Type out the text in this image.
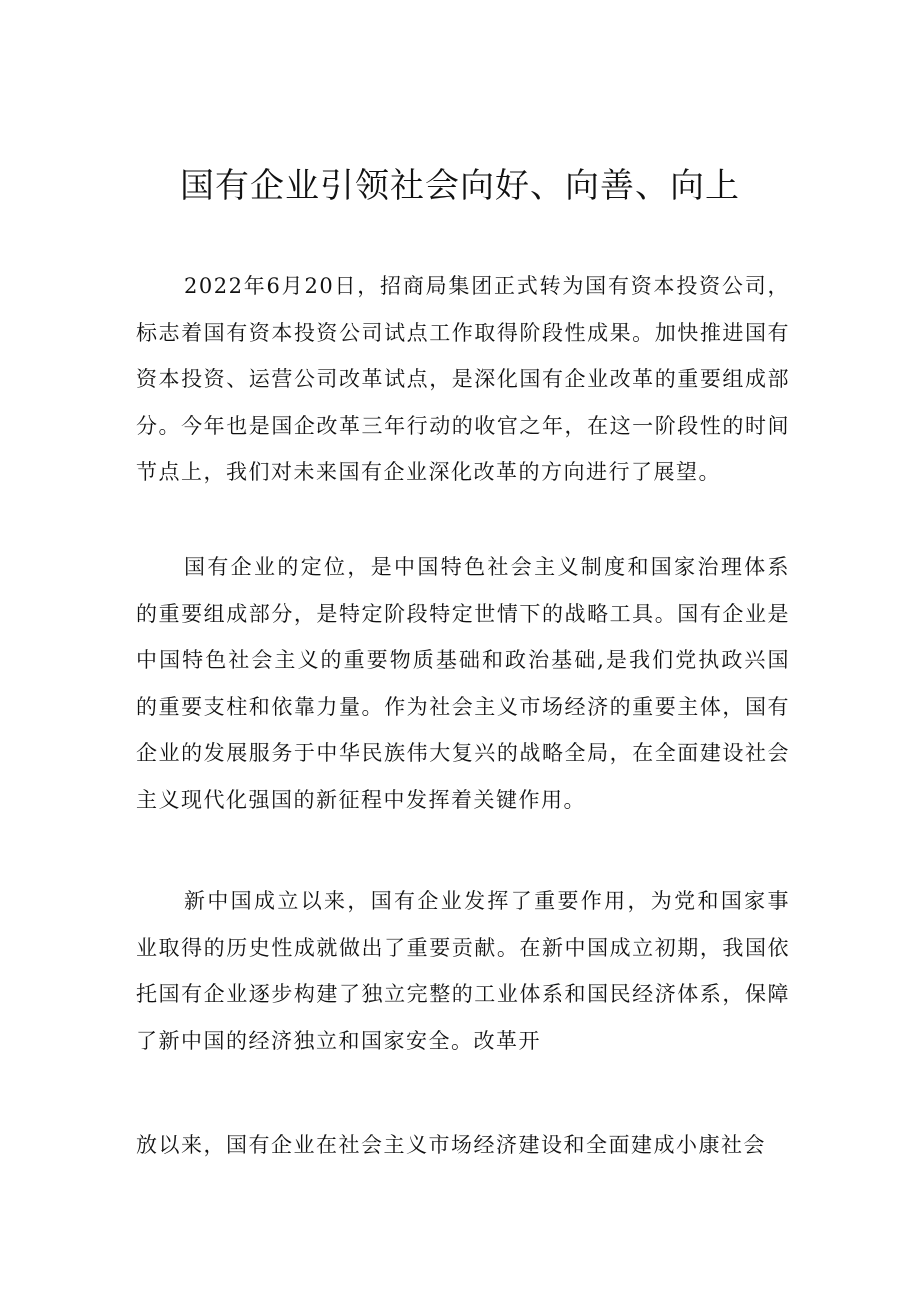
国有企业引领社会向好、向善、向上

2022年6月20日，招商局集团正式转为国有资本投资公司，标志着国有资本投资公司试点工作取得阶段性成果。加快推进国有资本投资、运营公司改革试点，是深化国有企业改革的重要组成部分。今年也是国企改革三年行动的收官之年，在这一阶段性的时间节点上，我们对未来国有企业深化改革的方向进行了展望。

国有企业的定位，是中国特色社会主义制度和国家治理体系的重要组成部分，是特定阶段特定世情下的战略工具。国有企业是中国特色社会主义的重要物质基础和政治基础,是我们党执政兴国的重要支柱和依靠力量。作为社会主义市场经济的重要主体，国有企业的发展服务于中华民族伟大复兴的战略全局，在全面建设社会主义现代化强国的新征程中发挥着关键作用。

新中国成立以来，国有企业发挥了重要作用，为党和国家事业取得的历史性成就做出了重要贡献。在新中国成立初期，我国依托国有企业逐步构建了独立完整的工业体系和国民经济体系，保障了新中国的经济独立和国家安全。改革开

放以来，国有企业在社会主义市场经济建设和全面建成小康社会
